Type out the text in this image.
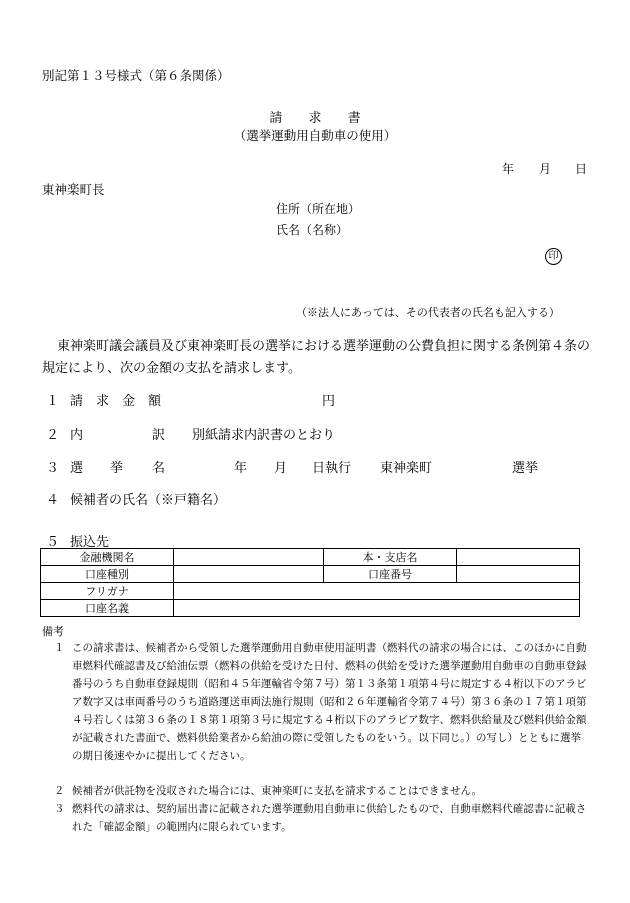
別記第１３号様式（第６条関係）
請 求 書
（選挙運動用自動車の使用）
年 月 日
東神楽町長
住所（所在地）
氏名（名称）
印
（※法人にあっては、その代表者の氏名も記入する）
東神楽町議会議員及び東神楽町長の選挙における選挙運動の公費負担に関する条例第４条の規定により、次の金額の支払を請求します。
１ 請　求　金　額	円
２ 内	訳 別紙請求内訳書のとおり
３ 選 挙 名	年 月 日執行 東神楽町	選挙
４ 候補者の氏名（※戸籍名）
５ 振込先
金融機関名		本・支店名	
口座種別		口座番号	
フリガナ			
口座名義			
備考
１ この請求書は、候補者から受領した選挙運動用自動車使用証明書（燃料代の請求の場合には、このほかに自動車燃料代確認書及び給油伝票（燃料の供給を受けた日付、燃料の供給を受けた選挙運動用自動車の自動車登録番号のうち自動車登録規則（昭和４５年運輸省令第７号）第１３条第１項第４号に規定する４桁以下のアラビア数字又は車両番号のうち道路運送車両法施行規則（昭和２６年運輸省令第７４号）第３６条の１７第１項第４号若しくは第３６条の１８第１項第３号に規定する４桁以下のアラビア数字、燃料供給量及び燃料供給金額が記載された書面で、燃料供給業者から給油の際に受領したものをいう。以下同じ。）の写し）とともに選挙の期日後速やかに提出してください。
２ 候補者が供託物を没収された場合には、東神楽町に支払を請求することはできません。
３ 燃料代の請求は、契約届出書に記載された選挙運動用自動車に供給したもので、自動車燃料代確認書に記載された「確認金額」の範囲内に限られています。
